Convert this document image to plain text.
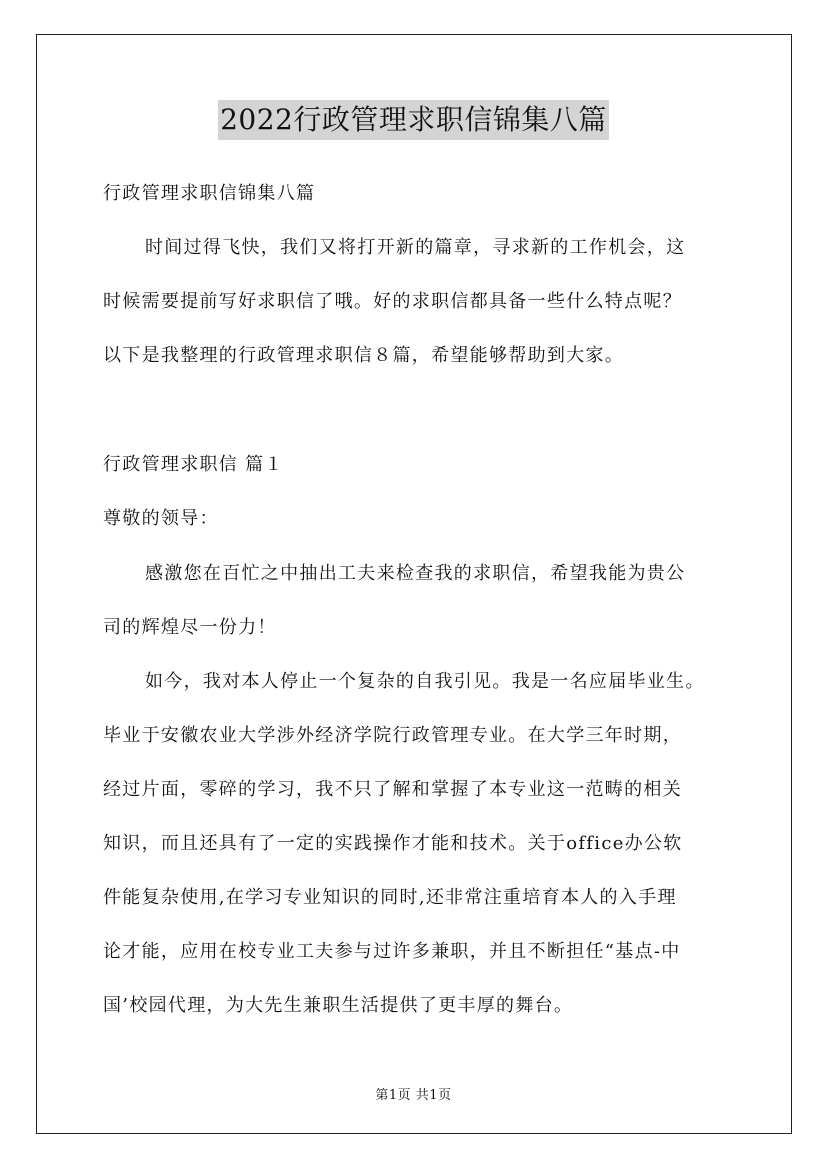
2022行政管理求职信锦集八篇
行政管理求职信锦集八篇
时间过得飞快，我们又将打开新的篇章，寻求新的工作机会，这
时候需要提前写好求职信了哦。好的求职信都具备一些什么特点呢？
以下是我整理的行政管理求职信８篇，希望能够帮助到大家。
行政管理求职信 篇１
尊敬的领导：
感激您在百忙之中抽出工夫来检查我的求职信，希望我能为贵公
司的辉煌尽一份力！
如今，我对本人停止一个复杂的自我引见。我是一名应届毕业生。
毕业于安徽农业大学涉外经济学院行政管理专业。在大学三年时期，
经过片面，零碎的学习，我不只了解和掌握了本专业这一范畴的相关
知识，而且还具有了一定的实践操作才能和技术。关于office办公软
件能复杂使用,在学习专业知识的同时,还非常注重培育本人的入手理
论才能，应用在校专业工夫参与过许多兼职，并且不断担任“基点-中
国’校园代理，为大先生兼职生活提供了更丰厚的舞台。
第1页 共1页
